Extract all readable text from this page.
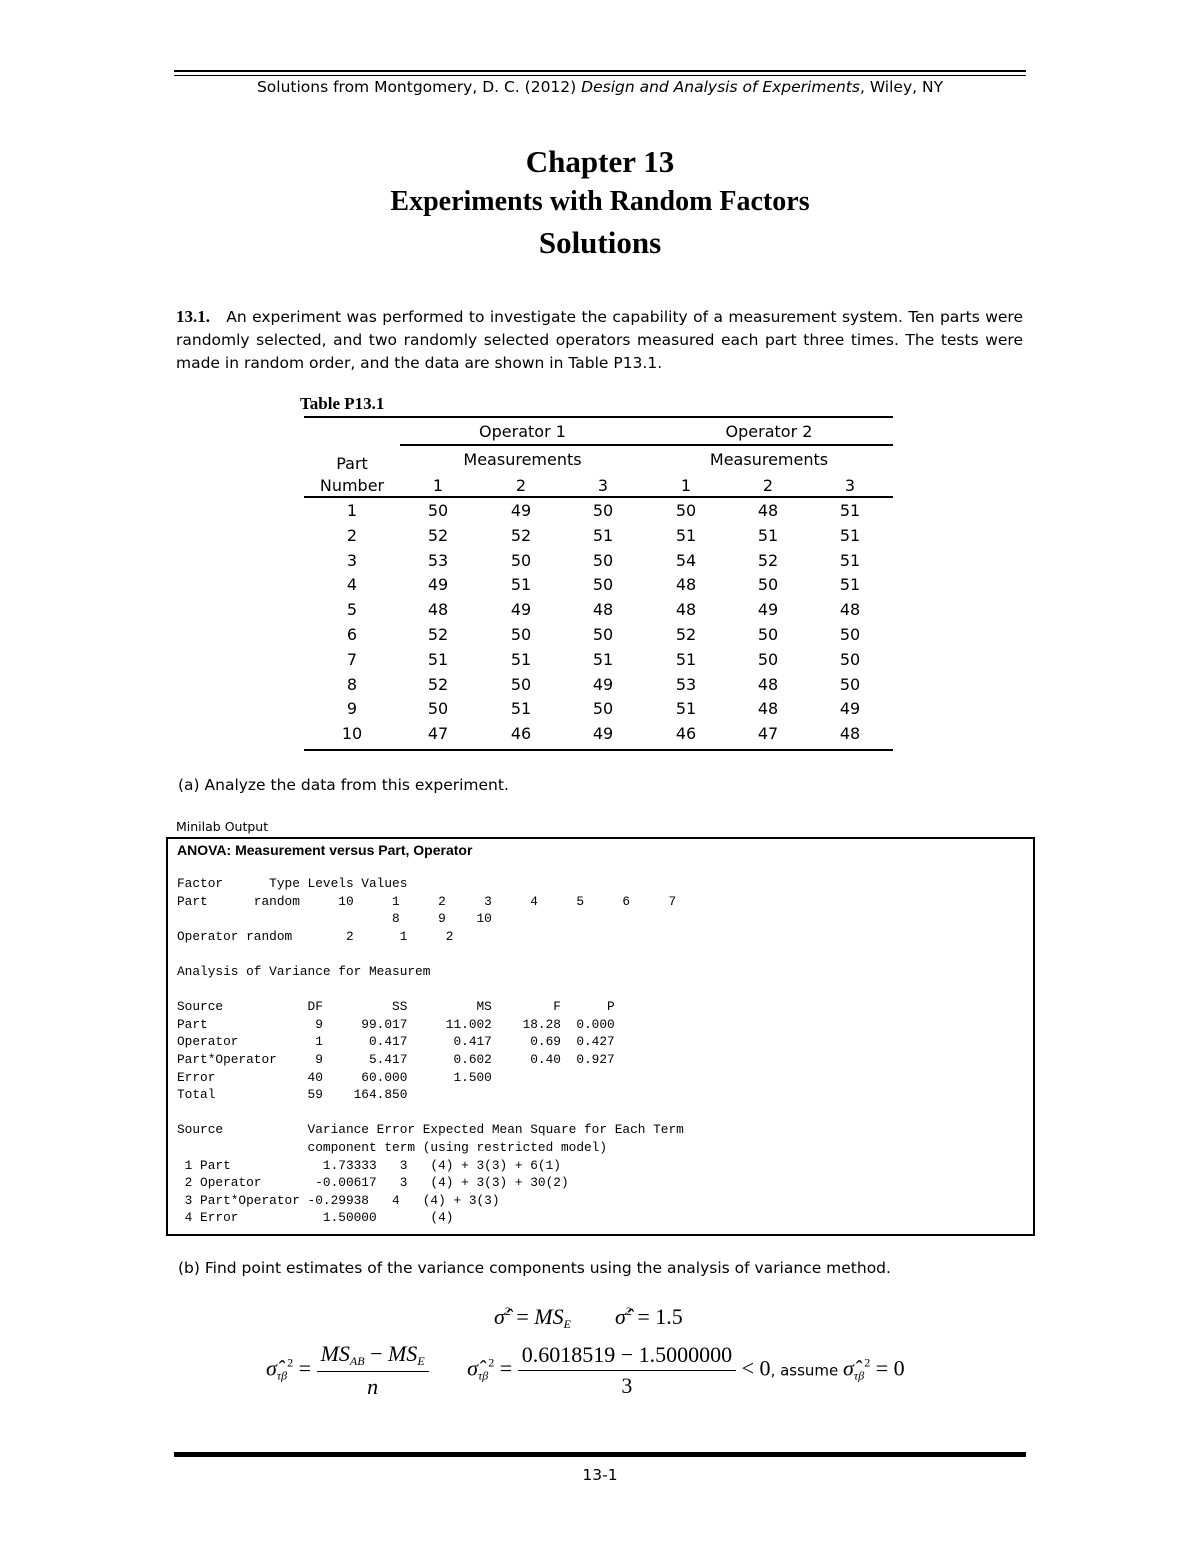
Solutions from Montgomery, D. C. (2012) Design and Analysis of Experiments, Wiley, NY
Chapter 13
Experiments with Random Factors
Solutions
13.1. An experiment was performed to investigate the capability of a measurement system. Ten parts were randomly selected, and two randomly selected operators measured each part three times. The tests were made in random order, and the data are shown in Table P13.1.
Table P13.1
Operator 1	Operator 2
Part	Measurements	Measurements
Number	1	2	3	1	2	3
1	50	49	50	50	48	51
2	52	52	51	51	51	51
3	53	50	50	54	52	51
4	49	51	50	48	50	51
5	48	49	48	48	49	48
6	52	50	50	52	50	50
7	51	51	51	51	50	50
8	52	50	49	53	48	50
9	50	51	50	51	48	49
10	47	46	49	46	47	48
(a) Analyze the data from this experiment.
Minilab Output
ANOVA: Measurement versus Part, Operator
Factor      Type Levels Values
Part      random     10     1     2     3     4     5     6     7
8     9    10
Operator random       2      1     2

Analysis of Variance for Measurem

Source           DF         SS         MS        F      P
Part              9     99.017     11.002    18.28  0.000
Operator          1      0.417      0.417     0.69  0.427
Part*Operator     9      5.417      0.602     0.40  0.927
Error            40     60.000      1.500
Total            59    164.850

Source           Variance Error Expected Mean Square for Each Term
component term (using restricted model)
1 Part            1.73333   3   (4) + 3(3) + 6(1)
2 Operator       -0.00617   3   (4) + 3(3) + 30(2)
3 Part*Operator -0.29938   4   (4) + 3(3)
4 Error           1.50000       (4)
(b) Find point estimates of the variance components using the analysis of variance method.
σ̂$^2$ = $MS_E$ σ̂$^2$ = 1.5
$\sigmâ_{\tau\beta}^2 = \frac{MS_{AB} - MS_E}{n}$ $\sigmâ_{\tau\beta}^2 = \frac{0.6018519 - 1.5000000}{3} < 0$, assume $\sigmâ_{\tau\beta}^2 = 0$
13-1
